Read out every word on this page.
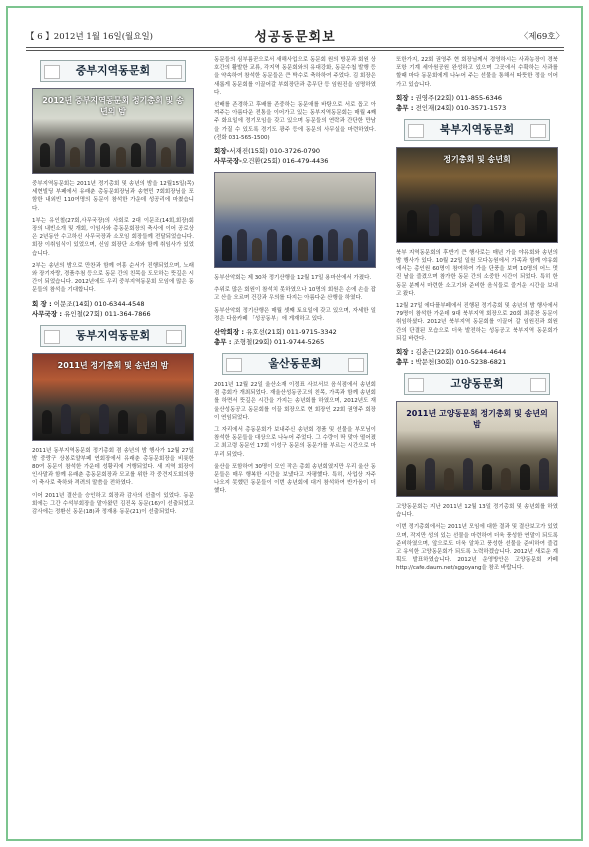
【 6 】2012년 1월 16일(월요일)	성공동문회보	〈제69호〉
중부지역동문회
2012년 중부지역동문회 정기총회 및 송년의 밤

중부지역동문회는 2011년 정기총회 및 송년의 밤을 12월15일(목) 세현빌딩 부페에서 유래춘 총동문회장님과 송현민 7회회장님을 포함한 내외빈 110여명의 동문이 참석한 가운데 성공리에 마쳤습니다.

1부는 유인철(27회,사무국장)의 사회로 2대 이문조(14회,회장)회장의 내빈소개 및 개회, 이임사와 총동문회장의 축사에 이어 공로상은 2년동안 수고하신 사무국장과 소모임 회장들께 전달되었습니다. 회장 이취임식이 있었으며, 신임 회장단 소개와 함께 취임사가 있었습니다.

2부는 송년의 밤으로 만찬과 함께 여흥 순서가 진행되었으며, 노래와 장기자랑, 경품추첨 등으로 동문 간의 친목을 도모하는 뜻깊은 시간이 되었습니다. 2012년에도 우리 중부지역동문회 모임에 많은 동문들의 참석을 기대합니다.

회 장 : 이문조(14회) 010-6344-4548
사무국장 : 유인철(27회) 011-364-7866
동부지역동문회
2011년 정기총회 및 송년의 밤

2011년 동부지역동문회 정기총회 겸 송년의 밤 행사가 12월 27일 밤 중랑구 상봉로얄부페 연회장에서 유래춘 총동문회장을 비롯한 80여 동문이 참석한 가운데 성황리에 거행되었다. 새 지역 회장이 인사말과 함께 유래춘 총동문회장과 모교를 위한 각 중견지도회의장이 축사로 축하와 격려의 말씀을 전하였다.

이어 2011년 결산을 승인하고 회장과 감사의 선출이 있었다. 동문회에는 그간 수석부회장을 맡아왔던 김진옥 동문(16)이 선출되었고 감사에는 정환신 동문(18)과 정재용 동문(21)이 선출되었다.

동문들의 심부름꾼으로서 새해사업으로 동문회 원의 방문과 회원 상호간의 활발한 교류, 각지역 동문회와의 유대강화, 동문수첩 발행 등을 약속하여 참석한 동문들은 큰 박수로 축하하여 주었다. 김 회장은 새롭게 동문회를 이끌어갈 부회장단과 총무단 등 임원진을 임명하였다.

선배를 존경하고 후배를 존중하는 동문애를 바탕으로 서로 돕고 아껴주는 아름다운 전통을 이어가고 있는 동부지역동문회는 매월 4째주 화요일에 정기모임을 갖고 있으며 동문들의 연락과 간단한 만남을 가질 수 있도록 경기도 광주 등에 동문의 사무실을 마련하였다. (전화 031-565-1500)

회장-서재진(15회) 010-3726-0790
사무국장-오건환(25회) 016-479-4436

동부산악회는 제 30차 정기산행을 12월 17일 용마산에서 가졌다.

추위로 많은 회원이 참석치 못하였으나 10명의 회원은 손에 손을 잡고 산을 오르며 건강과 우의를 다지는 아름다운 산행을 하였다.

동부산악회 정기산행은 매월 셋째 토요일에 갖고 있으며, 자세한 일정은 다음카페 「성공동부」에 게재하고 있다.

산악회장 : 유호선(21회) 011-9715-3342
총무 : 조형철(29회) 011-9744-5265
울산동문회

2011년 12월 22일 울산소재 이정표 사브서브 음식점에서 송년회 겸 총회가 개최되었다. 재울산성동공고의 친목, 가족과 함께 송년회를 하면서 뜻깊은 시간을 가지는 송년회를 하였으며, 2012년도 재울산성동공고 동문회를 이끌 회장으로 현 회장인 22회 권영주 회장이 연임되었다.

그 자리에서 총동문회가 보내주신 송년회 경품 및 선물을 부모님이 참석한 동문들을 대상으로 나누어 주었다. 그 수량이 딱 맞아 떨어졌고 최고령 동문인 17회 이성구 동문의 동문가를 부르는 시간으로 마무리 되었다.

울산을 포함하여 30명이 모인 작은 총회 송년회였지만 우리 울산 동문들은 매우 행복한 시간을 보냈다고 자평했다. 특히, 사업상 자주 나오지 못했던 동문들이 이번 송년회에 대거 참석하여 반가움이 더했다.

또한가지, 22회 권영주 현 회장님께서 경영하시는 사과농장이 경북 포항 기계 세아원공원 완성하고 있으며 그곳에서 수확하는 사과를 할때 마다 동문회에게 나누어 주는 선물을 통해서 따뜻한 정을 이어 가고 있습니다.

회장 : 권영주(22회) 011-855-6346
총무 : 전인재(24회) 010-3571-1573
북부지역동문회
정기총회 및 송년회

북부 지역동문회의 후반기 큰 행사로는 매년 가을 야유회와 송년의 밤 행사가 있다. 10월 22일 일원 모다농원에서 가족과 함께 야유회에서는 총인원 60명이 참여하여 가을 단풍을 보며 10명의 어느 멋진 날을 즐겼으며 참가한 동문 간의 소중한 시간이 되었다. 특히 한 동문 분께서 마련한 소고기와 준비한 음식들로 즐거운 시간을 보내고 왔다.

12월 27일 에다플부페에서 진행된 정기총회 및 송년의 밤 행사에서 79명이 참석한 가운데 9대 북부지역 회장으로 20회 최종찬 동문이 취임하셨다. 2012년 북부지역 동문회를 이끌어 갈 임원진과 회원 간의 단결된 모습으로 더욱 발전하는 성동공고 북부지역 동문회가 되길 바란다.

회장 : 김춘근(22회) 010-5644-4644
총무 : 박문천(30회) 010-5238-6821
고양동문회
2011년 고양동문회 정기총회 및 송년의 밤

고양동문회는 지난 2011년 12월 13일 정기총회 및 송년회를 하였습니다.

이번 정기총회에서는 2011년 모임에 대한 결과 및 결산보고가 있었으며, 작지만 성의 있는 선물을 마련하여 더욱 풍성한 연말이 되도록 준비하였으며, 앞으로도 더욱 알차고 풍성한 선물을 준비하여 즐겁고 유익한 고양동문회가 되도록 노력하겠습니다. 2012년 새로운 계획도 발표하였습니다. 2012년 운영방안은 고양동문회 카페 http://cafe.daum.net/sggoyang을 참조 바랍니다.
